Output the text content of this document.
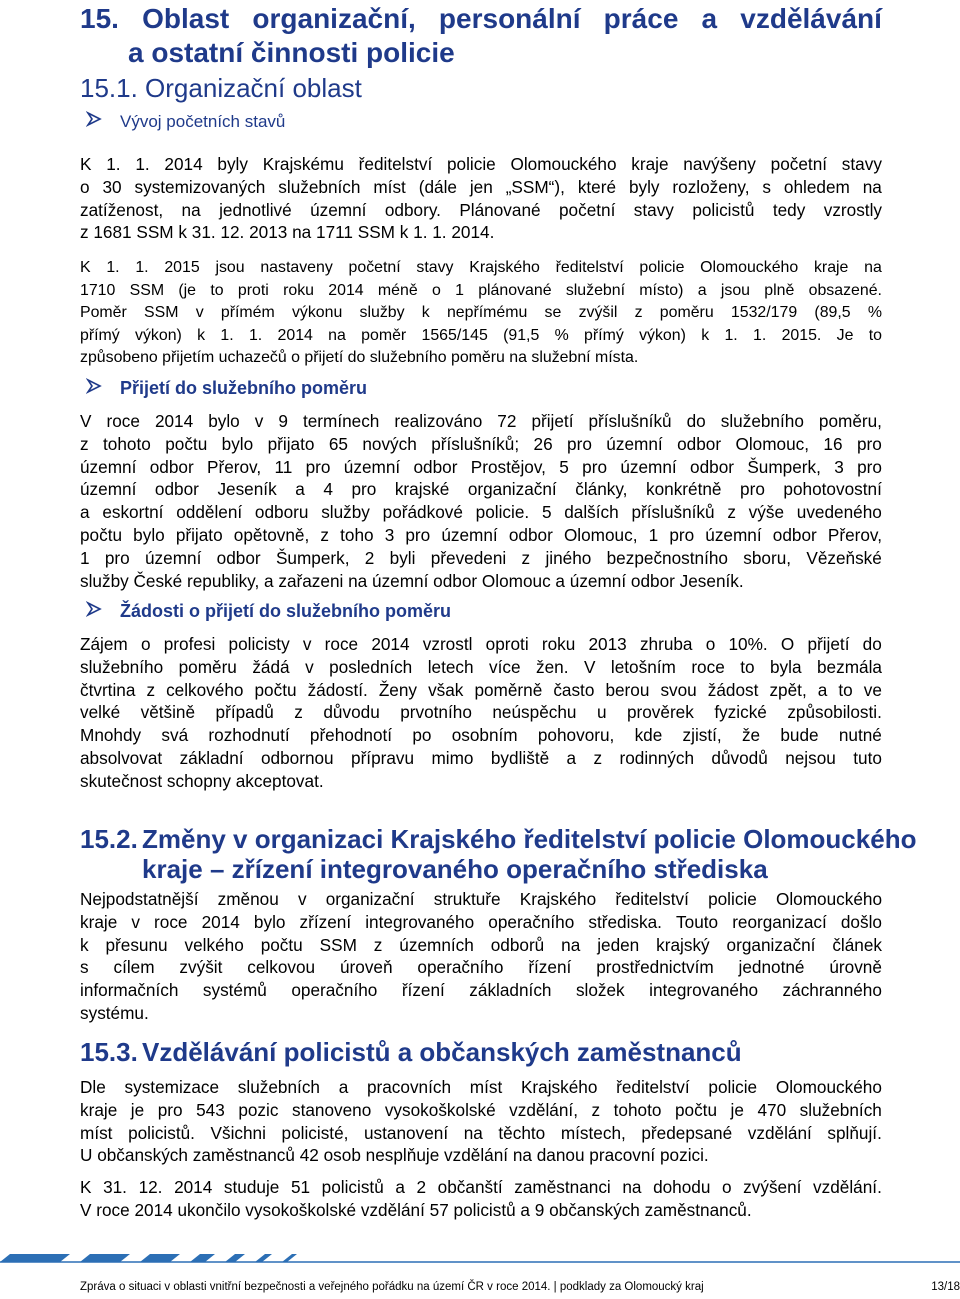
15. Oblast organizační, personální práce a vzdělávání
a ostatní činnosti policie
15.1. Organizační oblast
Vývoj početních stavů
K 1. 1. 2014 byly Krajskému ředitelství policie Olomouckého kraje navýšeny početní stavy
o 30 systemizovaných služebních míst (dále jen „SSM“), které byly rozloženy, s ohledem na
zatíženost, na jednotlivé územní odbory. Plánované početní stavy policistů tedy vzrostly
z 1681 SSM k 31. 12. 2013 na 1711 SSM k 1. 1. 2014.
K 1. 1. 2015 jsou nastaveny početní stavy Krajského ředitelství policie Olomouckého kraje na
1710 SSM (je to proti roku 2014 méně o 1 plánované služební místo) a jsou plně obsazené.
Poměr SSM v přímém výkonu služby k nepřímému se zvýšil z poměru 1532/179 (89,5 %
přímý výkon) k 1. 1. 2014 na poměr 1565/145 (91,5 % přímý výkon) k 1. 1. 2015. Je to
způsobeno přijetím uchazečů o přijetí do služebního poměru na služební místa.
Přijetí do služebního poměru
V roce 2014 bylo v 9 termínech realizováno 72 přijetí příslušníků do služebního poměru,
z tohoto počtu bylo přijato 65 nových příslušníků; 26 pro územní odbor Olomouc, 16 pro
územní odbor Přerov, 11 pro územní odbor Prostějov, 5 pro územní odbor Šumperk, 3 pro
územní odbor Jeseník a 4 pro krajské organizační články, konkrétně pro pohotovostní
a eskortní oddělení odboru služby pořádkové policie. 5 dalších příslušníků z výše uvedeného
počtu bylo přijato opětovně, z toho 3 pro územní odbor Olomouc, 1 pro územní odbor Přerov,
1 pro územní odbor Šumperk, 2 byli převedeni z jiného bezpečnostního sboru, Vězeňské
služby České republiky, a zařazeni na územní odbor Olomouc a územní odbor Jeseník.
Žádosti o přijetí do služebního poměru
Zájem o profesi policisty v roce 2014 vzrostl oproti roku 2013 zhruba o 10%. O přijetí do
služebního poměru žádá v posledních letech více žen. V letošním roce to byla bezmála
čtvrtina z celkového počtu žádostí. Ženy však poměrně často berou svou žádost zpět, a to ve
velké většině případů z důvodu prvotního neúspěchu u prověrek fyzické způsobilosti.
Mnohdy svá rozhodnutí přehodnotí po osobním pohovoru, kde zjistí, že bude nutné
absolvovat základní odbornou přípravu mimo bydliště a z rodinných důvodů nejsou tuto
skutečnost schopny akceptovat.
15.2. Změny v organizaci Krajského ředitelství policie Olomouckého
kraje – zřízení integrovaného operačního střediska
Nejpodstatnější změnou v organizační struktuře Krajského ředitelství policie Olomouckého
kraje v roce 2014 bylo zřízení integrovaného operačního střediska. Touto reorganizací došlo
k přesunu velkého počtu SSM z územních odborů na jeden krajský organizační článek
s cílem zvýšit celkovou úroveň operačního řízení prostřednictvím jednotné úrovně
informačních systémů operačního řízení základních složek integrovaného záchranného
systému.
15.3. Vzdělávání policistů a občanských zaměstnanců
Dle systemizace služebních a pracovních míst Krajského ředitelství policie Olomouckého
kraje je pro 543 pozic stanoveno vysokoškolské vzdělání, z tohoto počtu je 470 služebních
míst policistů. Všichni policisté, ustanovení na těchto místech, předepsané vzdělání splňují.
U občanských zaměstnanců 42 osob nesplňuje vzdělání na danou pracovní pozici.
K 31. 12. 2014 studuje 51 policistů a 2 občanští zaměstnanci na dohodu o zvýšení vzdělání.
V roce 2014 ukončilo vysokoškolské vzdělání 57 policistů a 9 občanských zaměstnanců.
Zpráva o situaci v oblasti vnitřní bezpečnosti a veřejného pořádku na území ČR v roce 2014. | podklady za Olomoucký kraj	13/18
